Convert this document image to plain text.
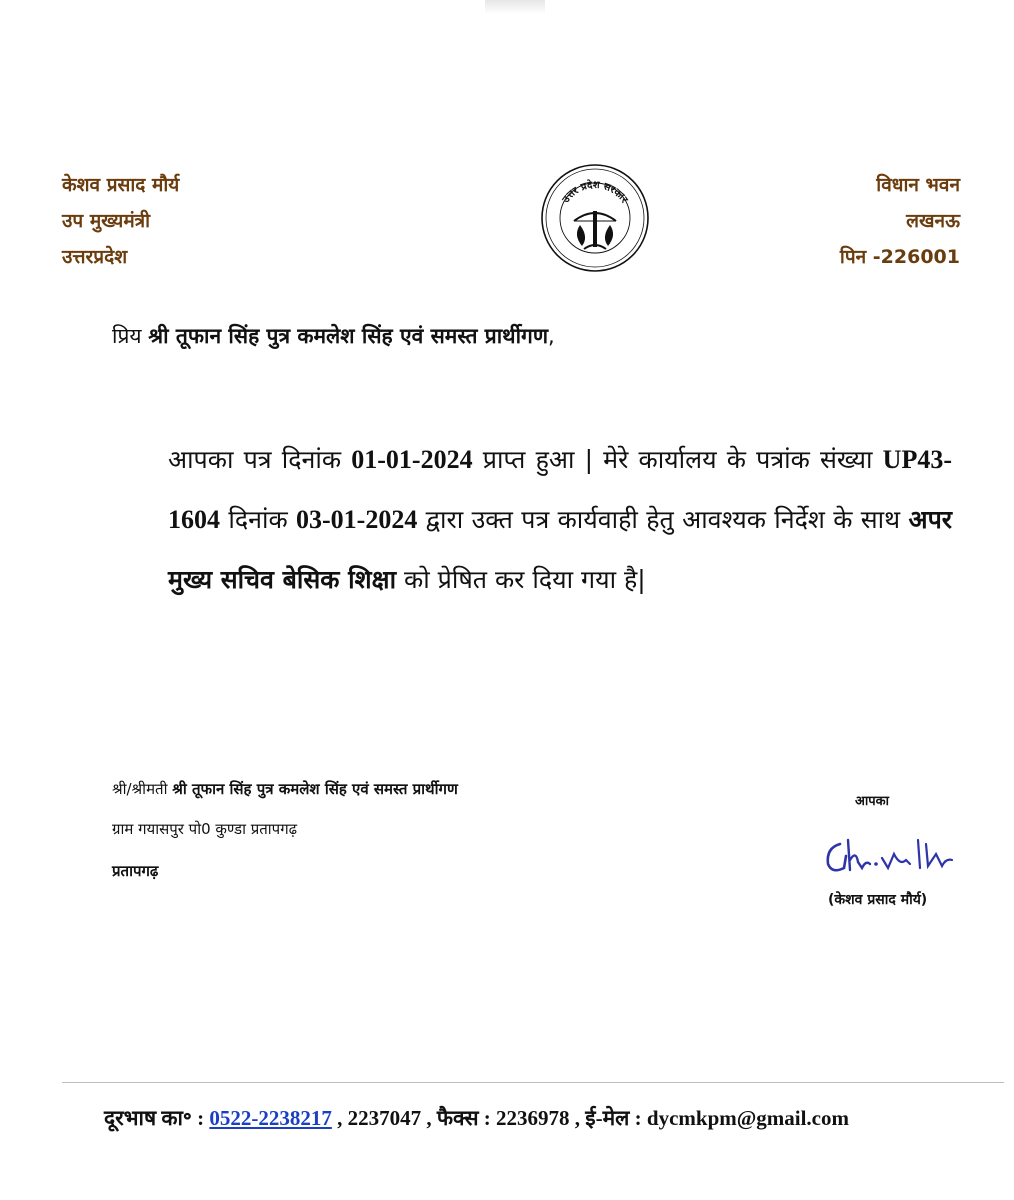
केशव प्रसाद मौर्य
उप मुख्यमंत्री
उत्तरप्रदेश
उत्तर प्रदेश सरकार
विधान भवन
लखनऊ
पिन -226001
प्रिय श्री तूफान सिंह पुत्र कमलेश सिंह एवं समस्त प्रार्थीगण,
आपका पत्र दिनांक 01-01-2024 प्राप्त हुआ | मेरे कार्यालय के पत्रांक संख्या UP43-1604 दिनांक 03-01-2024 द्वारा उक्त पत्र कार्यवाही हेतु आवश्यक निर्देश के साथ अपर मुख्य सचिव बेसिक शिक्षा को प्रेषित कर दिया गया है|
श्री/श्रीमती श्री तूफान सिंह पुत्र कमलेश सिंह एवं समस्त प्रार्थीगण
ग्राम गयासपुर पो0 कुण्डा प्रतापगढ़
प्रतापगढ़
आपका
(केशव प्रसाद मौर्य)
दूरभाष का॰ : 0522-2238217 , 2237047 , फैक्स : 2236978 , ई-मेल : dycmkpm@gmail.com
